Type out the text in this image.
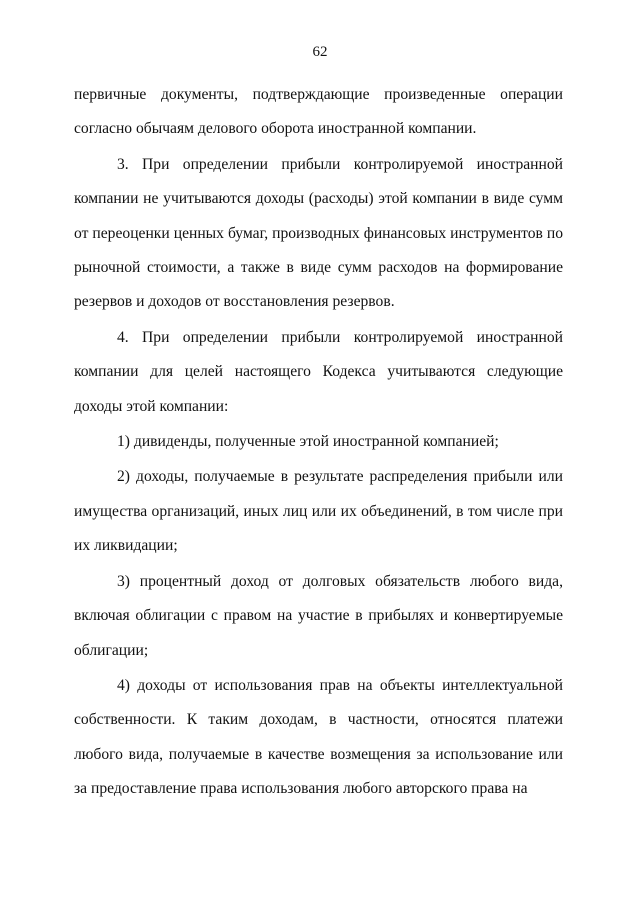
62

первичные документы, подтверждающие произведенные операции согласно обычаям делового оборота иностранной компании.

3. При определении прибыли контролируемой иностранной компании не учитываются доходы (расходы) этой компании в виде сумм от переоценки ценных бумаг, производных финансовых инструментов по рыночной стоимости, а также в виде сумм расходов на формирование резервов и доходов от восстановления резервов.

4. При определении прибыли контролируемой иностранной компании для целей настоящего Кодекса учитываются следующие доходы этой компании:

1) дивиденды, полученные этой иностранной компанией;

2) доходы, получаемые в результате распределения прибыли или имущества организаций, иных лиц или их объединений, в том числе при их ликвидации;

3) процентный доход от долговых обязательств любого вида, включая облигации с правом на участие в прибылях и конвертируемые облигации;

4) доходы от использования прав на объекты интеллектуальной собственности. К таким доходам, в частности, относятся платежи любого вида, получаемые в качестве возмещения за использование или за предоставление права использования любого авторского права на
